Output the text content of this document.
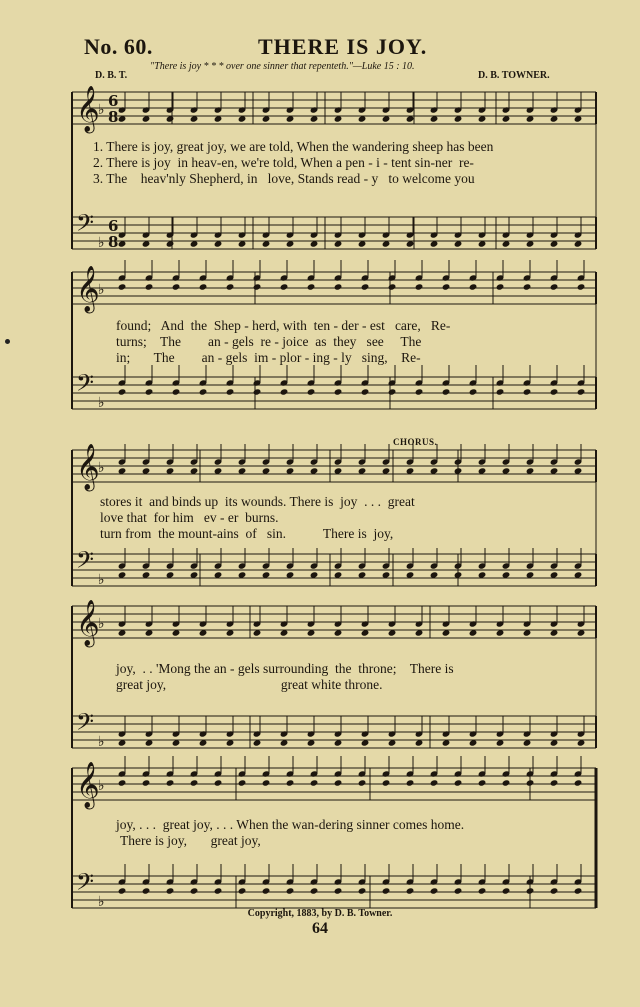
No. 60.	THERE IS JOY.
"There is joy * * * over one sinner that repenteth."—Luke 15 : 10.
D. B. T.	D. B. TOWNER.
𝄞
♭
𝄢
♭
𝄞
♭
𝄢
♭
𝄞
♭
𝄢
♭
𝄞
♭
𝄢
♭
𝄞
♭
𝄢
♭
6
8
6
8
CHORUS.
1. There is joy, great joy, we are told, When the wandering sheep has been
2. There is joy  in heav-en, we're told, When a pen - i - tent sin-ner  re-
3. The    heav'nly Shepherd, in   love, Stands read - y   to welcome you
found;   And  the  Shep - herd, with  ten - der - est   care,   Re-
turns;    The        an - gels  re - joice  as  they   see     The
in;       The        an - gels  im - plor - ing - ly   sing,    Re-
stores it  and binds up  its wounds. There is  joy  . . .  great
love that  for him   ev - er  burns.
turn from  the mount-ains  of   sin.           There is  joy,
joy,  . . 'Mong the an - gels surrounding  the  throne;    There is
great joy,                                  great white throne.
joy, . . .  great joy, . . . When the wan-dering sinner comes home.
There is joy,       great joy,
Copyright, 1883, by D. B. Towner.
64
